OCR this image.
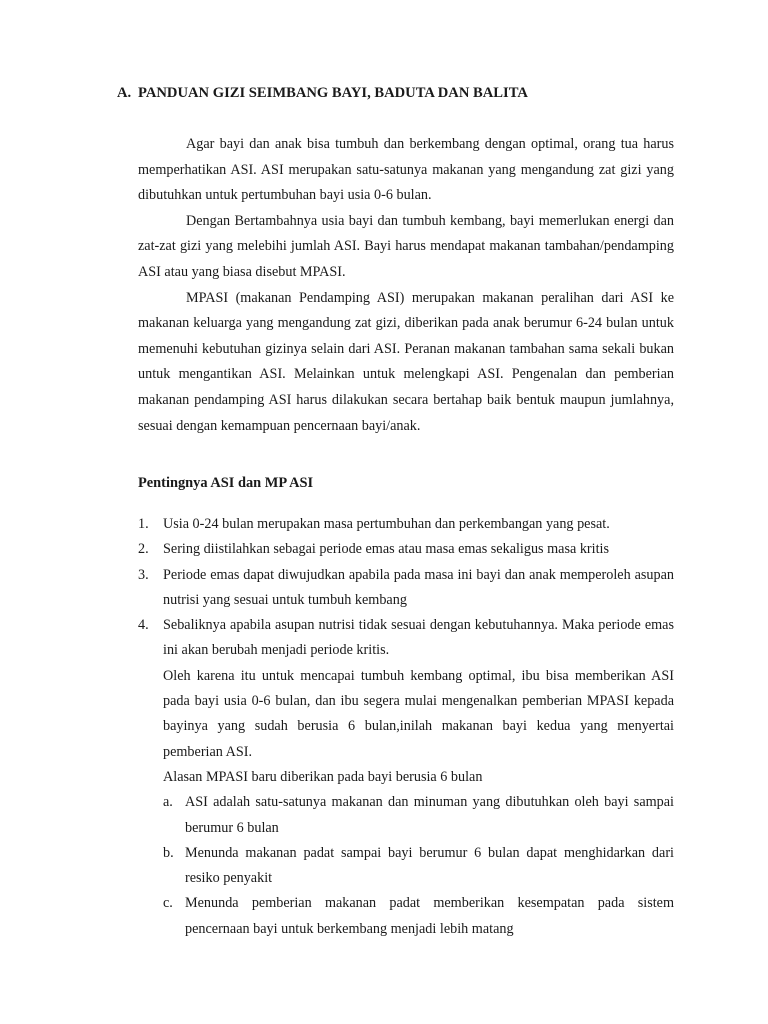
A. PANDUAN GIZI SEIMBANG BAYI, BADUTA DAN BALITA

Agar bayi dan anak bisa tumbuh dan berkembang dengan optimal, orang tua harus memperhatikan ASI. ASI merupakan satu-satunya makanan yang mengandung zat gizi yang dibutuhkan untuk pertumbuhan bayi usia 0-6 bulan.

Dengan Bertambahnya usia bayi dan tumbuh kembang, bayi memerlukan energi dan zat-zat gizi yang melebihi jumlah ASI. Bayi harus mendapat makanan tambahan/pendamping ASI atau yang biasa disebut MPASI.

MPASI (makanan Pendamping ASI) merupakan makanan peralihan dari ASI ke makanan keluarga yang mengandung zat gizi, diberikan pada anak berumur 6-24 bulan untuk memenuhi kebutuhan gizinya selain dari ASI. Peranan makanan tambahan sama sekali bukan untuk mengantikan ASI. Melainkan untuk melengkapi ASI. Pengenalan dan pemberian makanan pendamping ASI harus dilakukan secara bertahap baik bentuk maupun jumlahnya, sesuai dengan kemampuan pencernaan bayi/anak.

Pentingnya ASI dan MP ASI
1. Usia 0-24 bulan merupakan masa pertumbuhan dan perkembangan yang pesat.
2. Sering diistilahkan sebagai periode emas atau masa emas sekaligus masa kritis
3. Periode emas dapat diwujudkan apabila pada masa ini bayi dan anak memperoleh asupan nutrisi yang sesuai untuk tumbuh kembang
4. Sebaliknya apabila asupan nutrisi tidak sesuai dengan kebutuhannya. Maka periode emas ini akan berubah menjadi periode kritis.

Oleh karena itu untuk mencapai tumbuh kembang optimal, ibu bisa memberikan ASI pada bayi usia 0-6 bulan, dan ibu segera mulai mengenalkan pemberian MPASI kepada bayinya yang sudah berusia 6 bulan,inilah makanan bayi kedua yang menyertai pemberian ASI.

Alasan MPASI baru diberikan pada bayi berusia 6 bulan

a. ASI adalah satu-satunya makanan dan minuman yang dibutuhkan oleh bayi sampai berumur 6 bulan
b. Menunda makanan padat sampai bayi berumur 6 bulan dapat menghidarkan dari resiko penyakit
c. Menunda pemberian makanan padat memberikan kesempatan pada sistem pencernaan bayi untuk berkembang menjadi lebih matang
